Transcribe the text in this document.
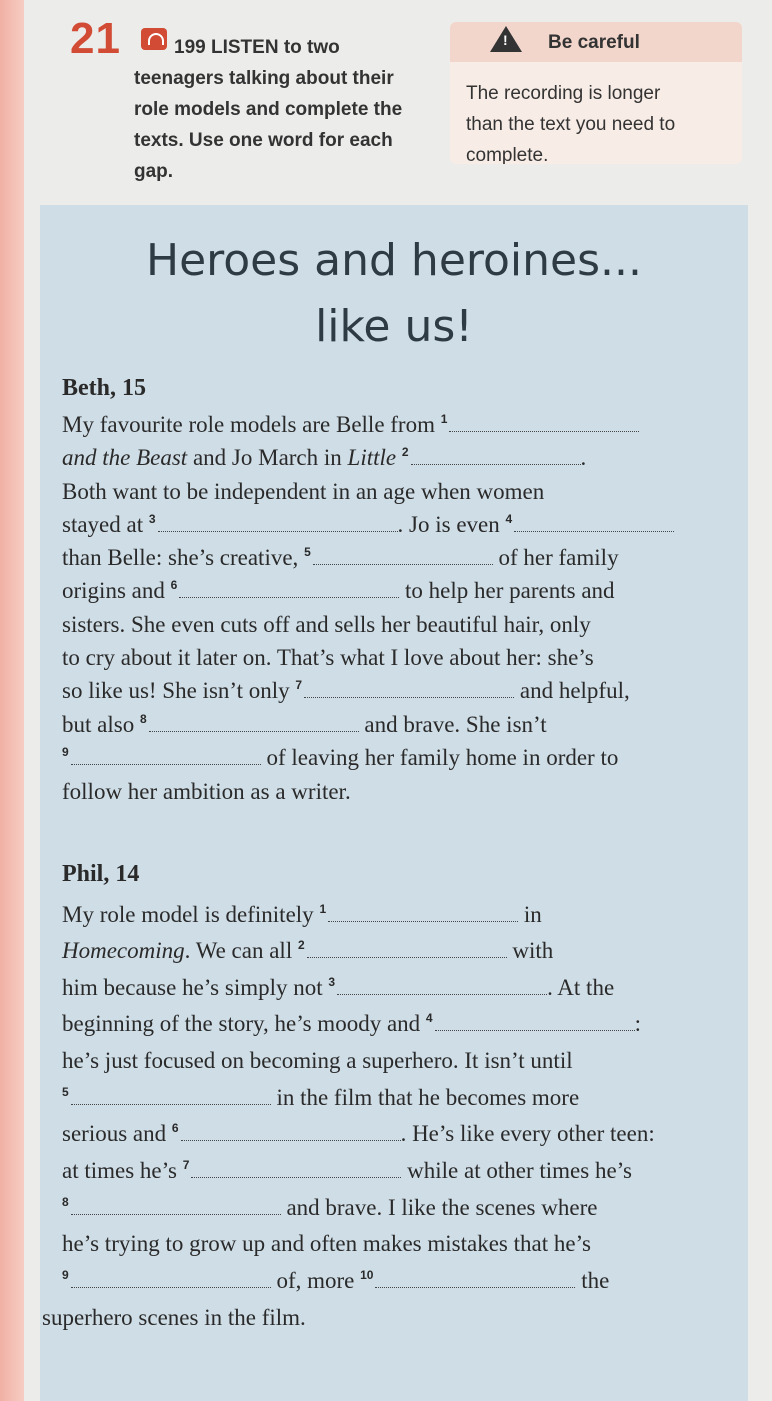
21	199 LISTEN to two
teenagers talking about their
role models and complete the
texts. Use one word for each
gap.
!
Be careful
The recording is longer
than the text you need to
complete.
Heroes and heroines...
like us!
Beth, 15
My favourite role models are Belle from $^1$
and the Beast and Jo March in Little $^2$	.
Both want to be independent in an age when women
stayed at $^3$	. Jo is even $^4$
than Belle: she’s creative, $^5$	of her family
origins and $^6$	to help her parents and
sisters. She even cuts off and sells her beautiful hair, only
to cry about it later on. That’s what I love about her: she’s
so like us! She isn’t only $^7$	and helpful,
but also $^8$	and brave. She isn’t
$^9$	of leaving her family home in order to
follow her ambition as a writer.
Phil, 14
My role model is definitely $^1$	in
Homecoming. We can all $^2$	with
him because he’s simply not $^3$	. At the
beginning of the story, he’s moody and $^4$	:
he’s just focused on becoming a superhero. It isn’t until
$^5$	in the film that he becomes more
serious and $^6$	. He’s like every other teen:
at times he’s $^7$	while at other times he’s
$^8$	and brave. I like the scenes where
he’s trying to grow up and often makes mistakes that he’s
$^9$	of, more $^{10}$	the
superhero scenes in the film.
